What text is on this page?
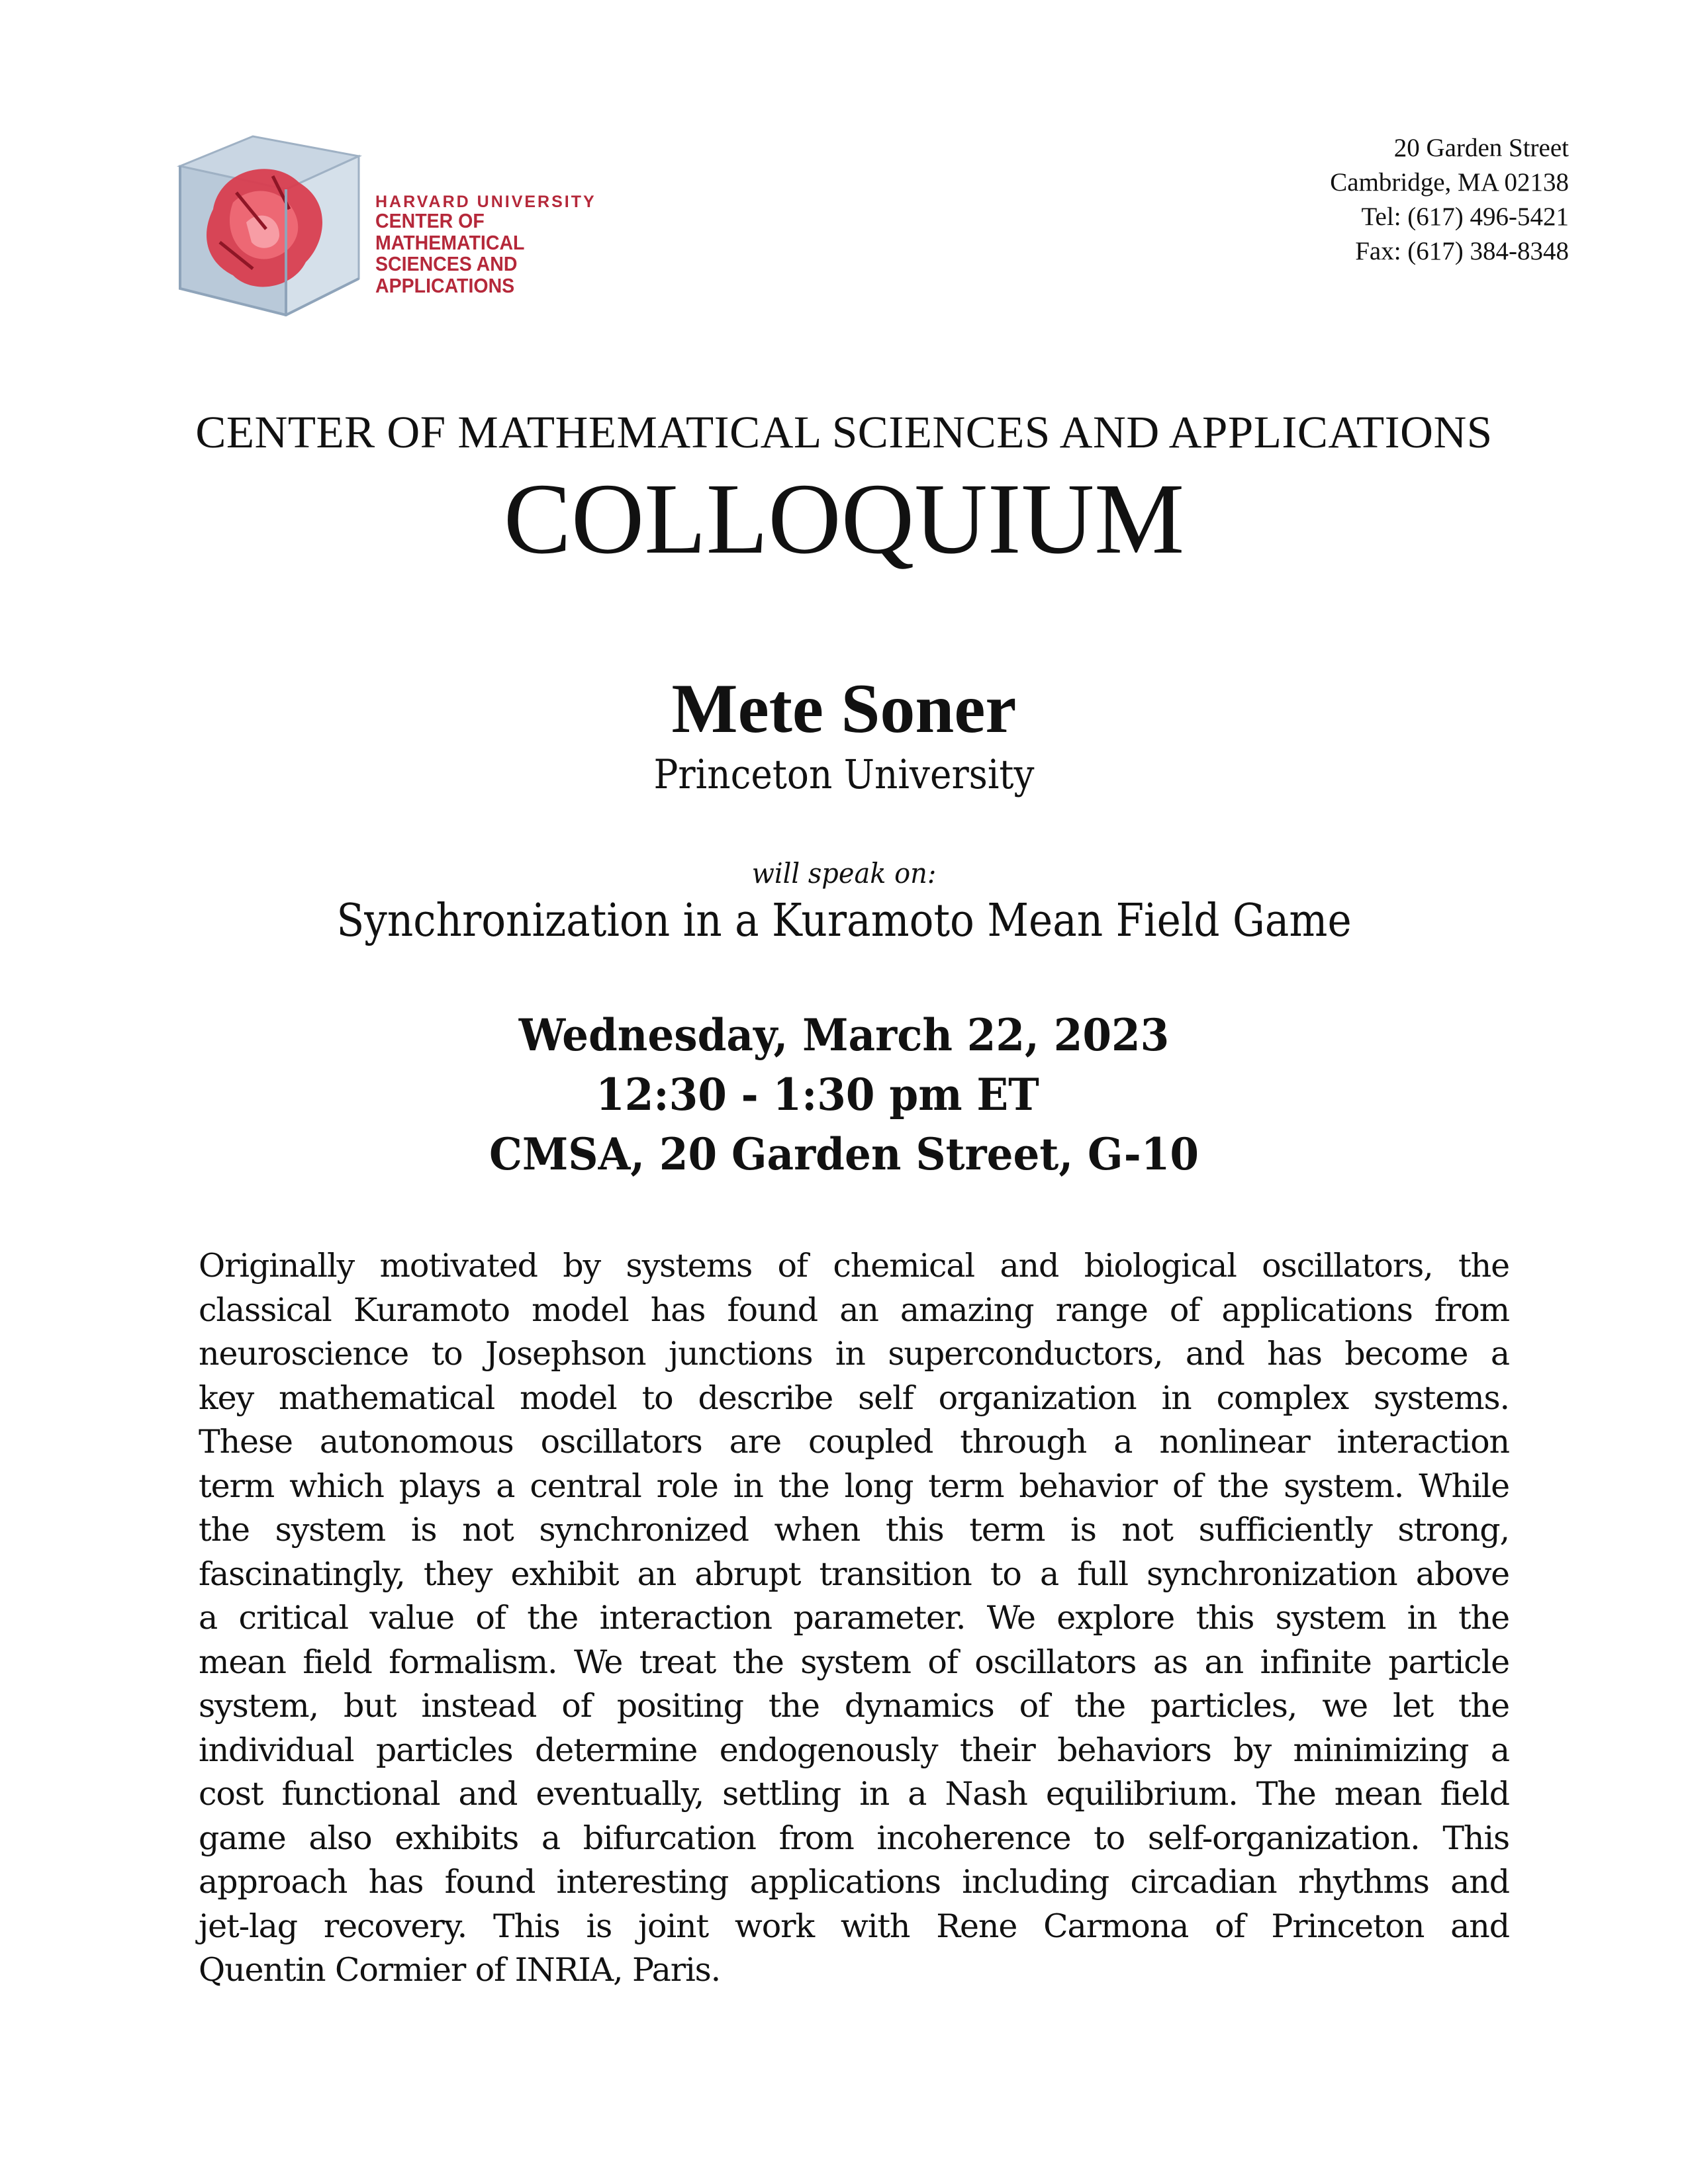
HARVARD UNIVERSITY
CENTER OF MATHEMATICAL
SCIENCES AND APPLICATIONS
20 Garden Street
Cambridge, MA 02138
Tel: (617) 496-5421
Fax: (617) 384-8348
CENTER OF MATHEMATICAL SCIENCES AND APPLICATIONS
COLLOQUIUM
Mete Soner
Princeton University
will speak on:
Synchronization in a Kuramoto Mean Field Game
Wednesday, March 22, 2023
12:30 - 1:30 pm ET
CMSA, 20 Garden Street, G-10
Originally motivated by systems of chemical and biological oscillators, the
classical Kuramoto model has found an amazing range of applications from
neuroscience to Josephson junctions in superconductors, and has become a
key mathematical model to describe self organization in complex systems.
These autonomous oscillators are coupled through a nonlinear interaction
term which plays a central role in the long term behavior of the system. While
the system is not synchronized when this term is not sufficiently strong,
fascinatingly, they exhibit an abrupt transition to a full synchronization above
a critical value of the interaction parameter. We explore this system in the
mean field formalism. We treat the system of oscillators as an infinite particle
system, but instead of positing the dynamics of the particles, we let the
individual particles determine endogenously their behaviors by minimizing a
cost functional and eventually, settling in a Nash equilibrium. The mean field
game also exhibits a bifurcation from incoherence to self-organization. This
approach has found interesting applications including circadian rhythms and
jet-lag recovery. This is joint work with Rene Carmona of Princeton and
Quentin Cormier of INRIA, Paris.
